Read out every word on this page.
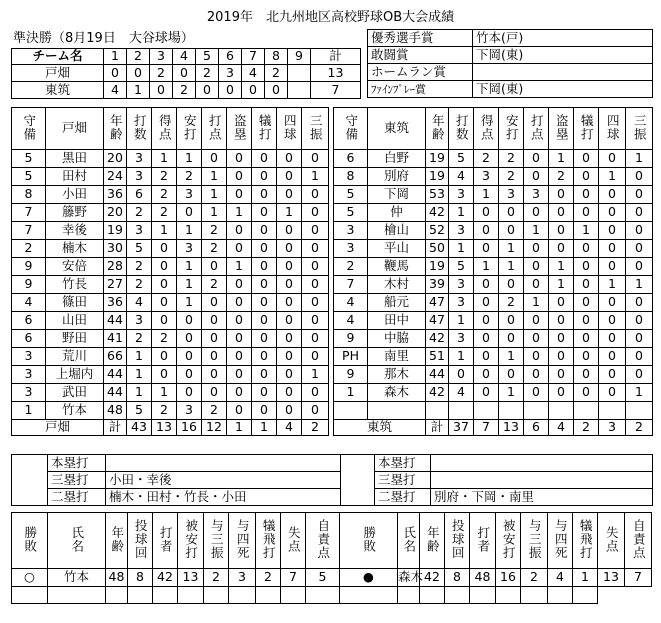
2019年　北九州地区高校野球OB大会成績
準決勝（8月19日　大谷球場）
チーム名	1	2	3	4	5	6	7	8	9	計
戸畑	0	0	2	0	2	3	4	2		13
東筑	4	1	0	2	0	0	0	0		7
優秀選手賞	竹本(戸)
敢闘賞	下岡(東)
ホームラン賞	
ﾌｧｲﾝﾌﾟﾚｰ賞	下岡(東)
守備	戸畑	年齢	打数	得点	安打	打点	盗塁	犠打	四球	三振
5	黒田	20	3	1	1	0	0	0	0	0
5	田村	24	3	2	2	1	0	0	0	1
8	小田	36	6	2	3	1	0	0	0	0
7	籐野	20	2	2	0	1	1	0	1	0
7	幸後	19	3	1	1	2	0	0	0	0
2	楠木	30	5	0	3	2	0	0	0	0
9	安倍	28	2	0	1	0	1	0	0	0
9	竹長	27	2	0	1	2	0	0	0	0
4	篠田	36	4	0	1	0	0	0	0	0
6	山田	44	3	0	0	0	0	0	0	0
6	野田	41	2	2	0	0	0	0	0	0
3	荒川	66	1	0	0	0	0	0	0	0
3	上堀内	44	1	0	0	0	0	0	0	1
3	武田	44	1	1	0	0	0	0	0	0
1	竹本	48	5	2	3	2	0	0	0	0
戸畑		計	43	13	16	12	1	1	4	2
守備	東筑	年齢	打数	得点	安打	打点	盗塁	犠打	四球	三振
6	白野	19	5	2	2	0	1	0	0	1
8	別府	19	4	3	2	0	2	0	1	0
5	下岡	53	3	1	3	3	0	0	0	0
5	仲	42	1	0	0	0	0	0	0	0
3	檜山	52	3	0	0	1	0	1	0	0
3	平山	50	1	0	1	0	0	0	0	0
2	鞭馬	19	5	1	1	0	1	0	0	0
7	木村	39	3	0	0	0	1	0	1	1
4	船元	47	3	0	2	1	0	0	0	0
4	田中	47	1	0	0	0	0	0	0	0
9	中脇	42	3	0	0	0	0	0	0	0
PH	南里	51	1	0	1	0	0	0	0	0
9	那木	44	0	0	0	0	0	0	0	0
1	森木	42	4	0	1	0	0	0	0	1

東筑		計	37	7	13	6	4	2	3	2
	本塁打			本塁打	
	三塁打	小田・幸後		三塁打	
	二塁打	楠木・田村・竹長・小田		二塁打	別府・下岡・南里
勝敗	氏名	年齢	投球回	打者	被安打	与三振	与四死	犠飛打	失点	自責点	勝敗	氏名	年齢	投球回	打者	被安打	与三振	与四死	犠飛打	失点	自責点
○	竹本	48	8	42	13	2	3	2	7	5	●	森木	42	8	48	16	2	4	1	13	7
